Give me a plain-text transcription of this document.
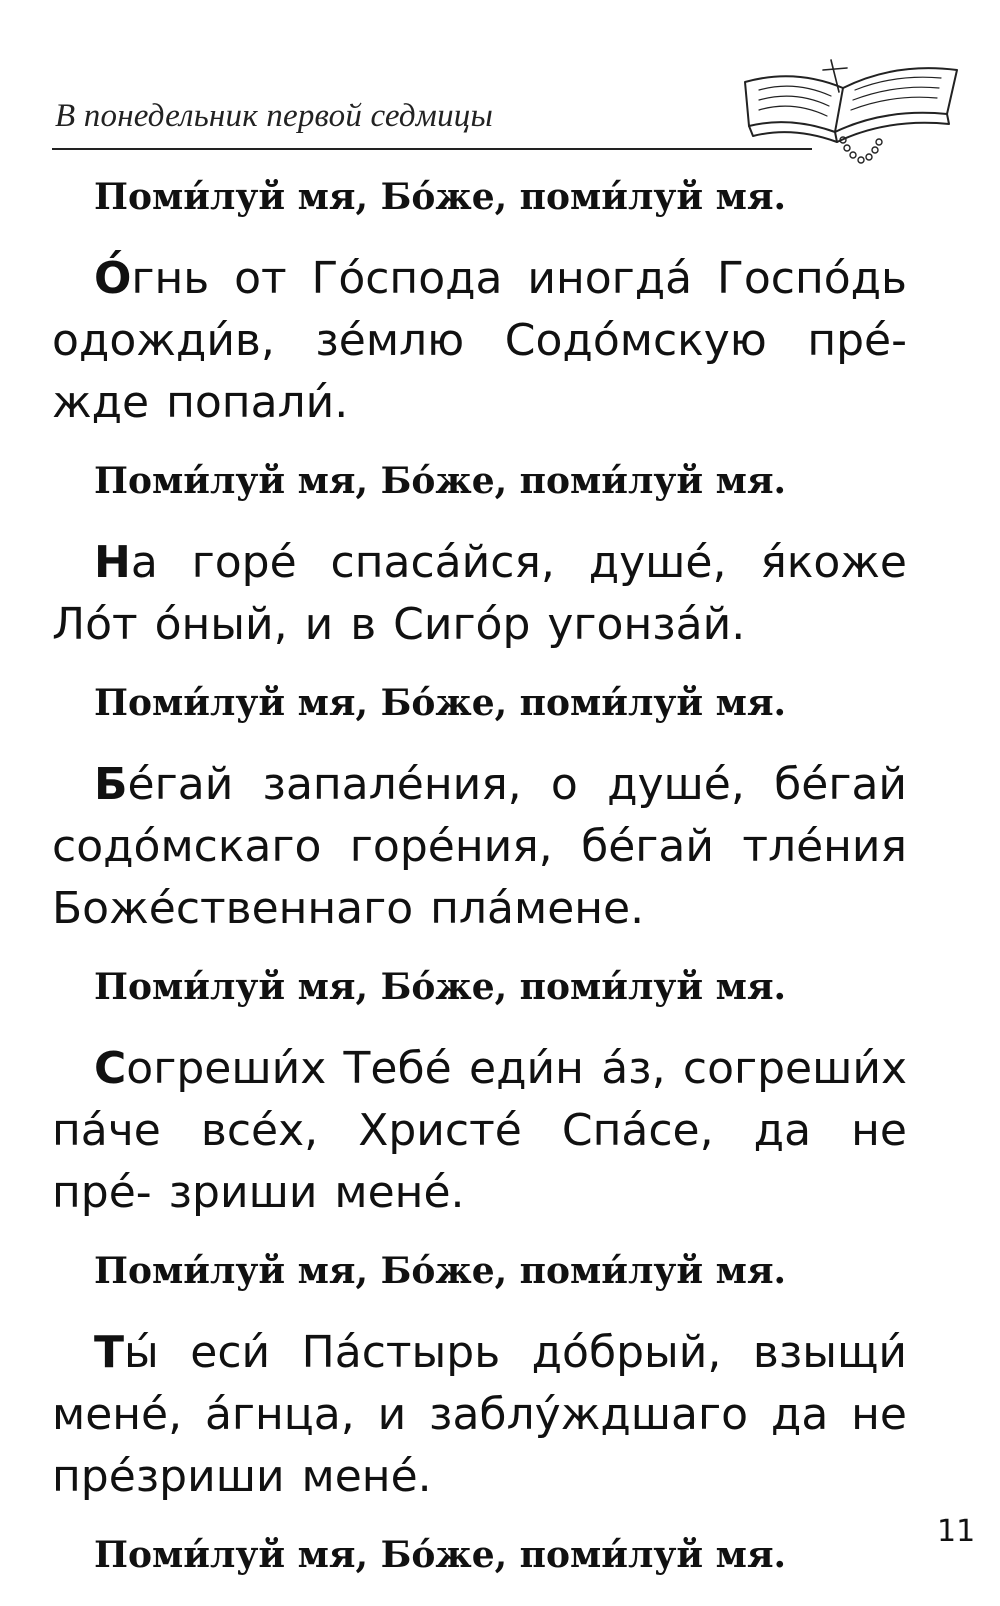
В понедельник первой седмицы
Поми́луй мя, Бо́же, поми́луй мя.
О́гнь от Го́спода иногда́ Госпо́дь одожди́в, зе́млю Содо́мскую пре́- жде попали́.
Поми́луй мя, Бо́же, поми́луй мя.
На горе́ спаса́йся, душе́, я́коже Ло́т о́ный, и в Сиго́р угонза́й.
Поми́луй мя, Бо́же, поми́луй мя.
Бе́гай запале́ния, о душе́, бе́гай содо́мскаго горе́ния, бе́гай тле́ния Боже́ственнаго пла́мене.
Поми́луй мя, Бо́же, поми́луй мя.
Согреши́х Тебе́ еди́н а́з, согреши́х па́че все́х, Христе́ Спа́се, да не пре́- зриши мене́.
Поми́луй мя, Бо́же, поми́луй мя.
Ты́ еси́ Па́стырь до́брый, взыщи́ мене́, а́гнца, и заблу́ждшаго да не пре́зриши мене́.
Поми́луй мя, Бо́же, поми́луй мя.
11
